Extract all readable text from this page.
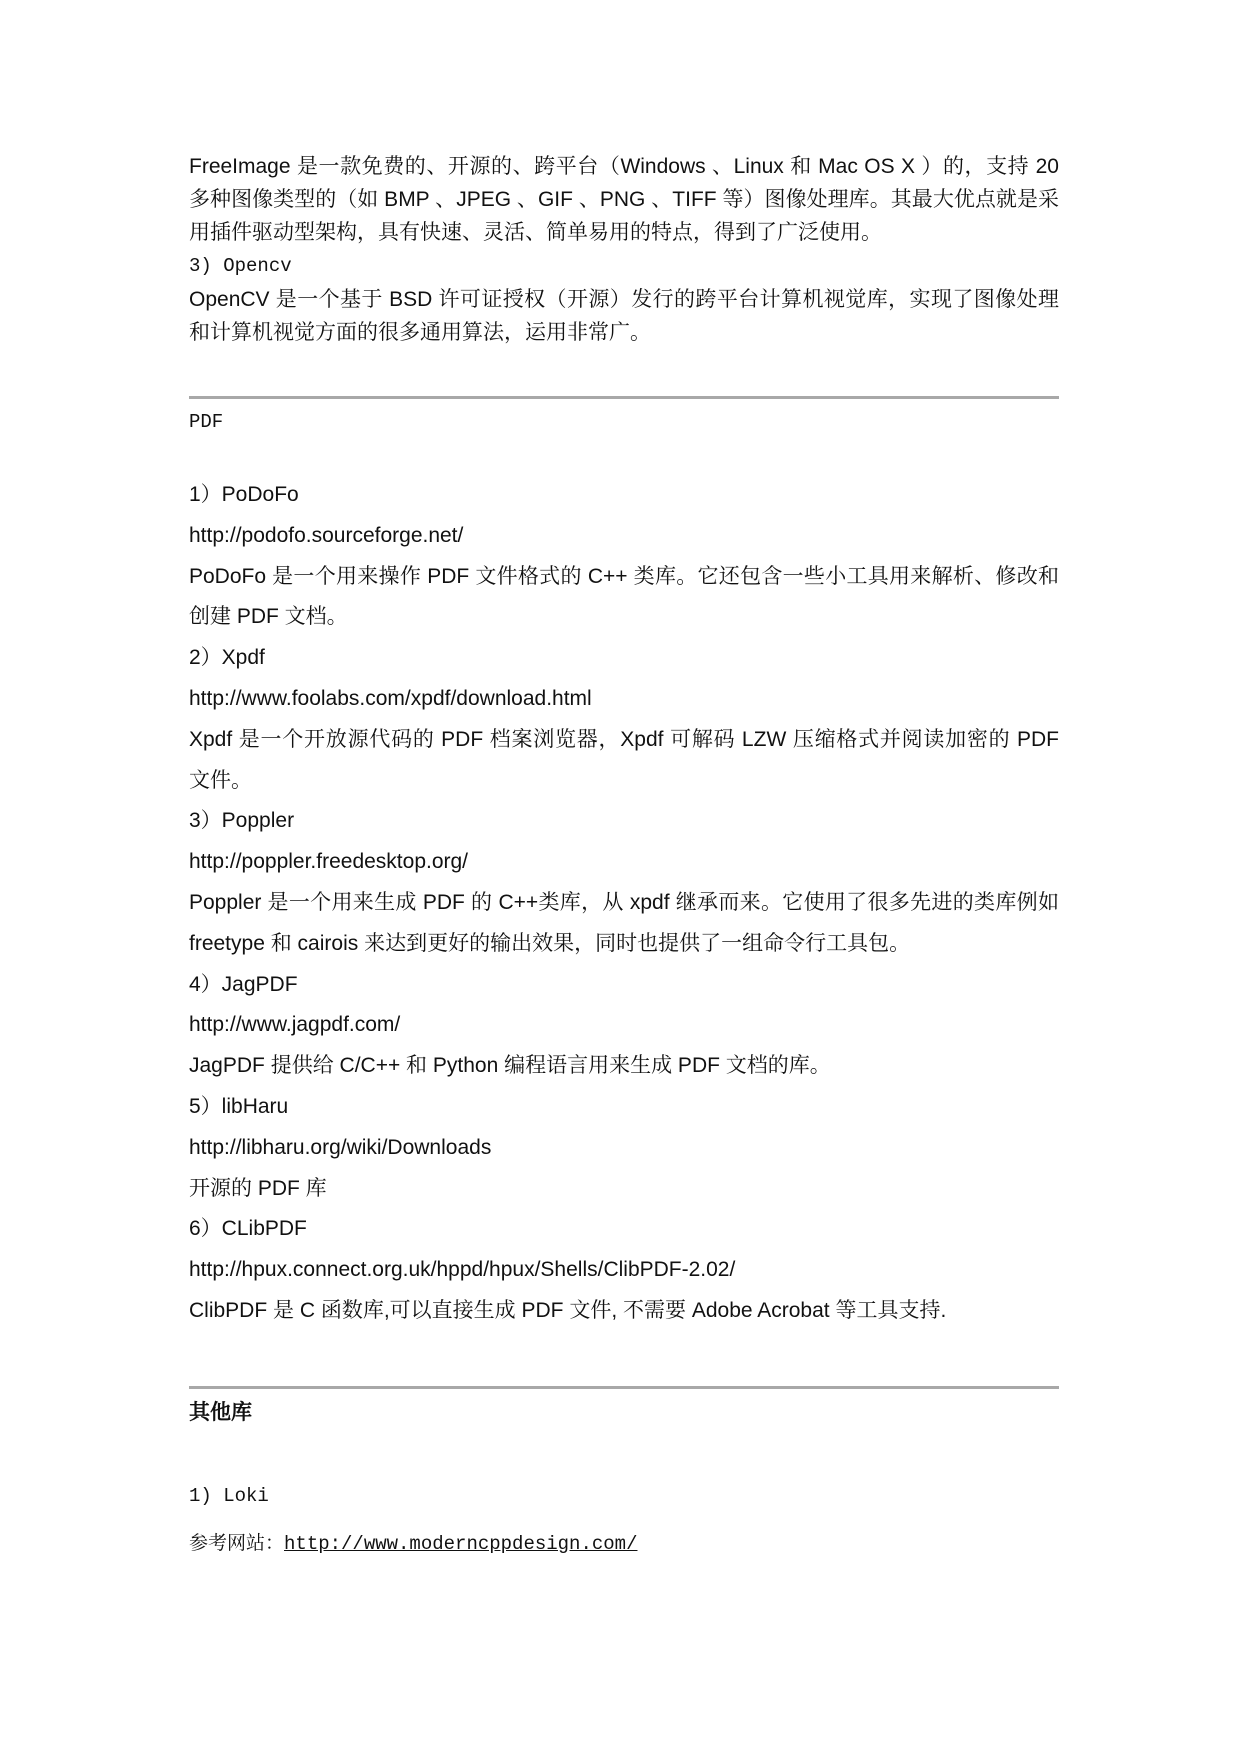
FreeImage 是一款免费的、开源的、跨平台（Windows 、Linux 和 Mac OS X ）的，支持 20 多种图像类型的（如 BMP 、JPEG 、GIF 、PNG 、TIFF 等）图像处理库。其最大优点就是采用插件驱动型架构，具有快速、灵活、简单易用的特点，得到了广泛使用。

3) Opencv

OpenCV 是一个基于 BSD 许可证授权（开源）发行的跨平台计算机视觉库，实现了图像处理和计算机视觉方面的很多通用算法，运用非常广。

PDF

1）PoDoFo

http://podofo.sourceforge.net/

PoDoFo 是一个用来操作 PDF 文件格式的 C++ 类库。它还包含一些小工具用来解析、修改和创建 PDF 文档。

2）Xpdf

http://www.foolabs.com/xpdf/download.html

Xpdf 是一个开放源代码的 PDF 档案浏览器，Xpdf 可解码 LZW 压缩格式并阅读加密的 PDF 文件。

3）Poppler

http://poppler.freedesktop.org/

Poppler 是一个用来生成 PDF 的 C++类库，从 xpdf 继承而来。它使用了很多先进的类库例如 freetype 和 cairois 来达到更好的输出效果，同时也提供了一组命令行工具包。

4）JagPDF

http://www.jagpdf.com/

JagPDF 提供给 C/C++ 和 Python 编程语言用来生成 PDF 文档的库。

5）libHaru

http://libharu.org/wiki/Downloads

开源的 PDF 库

6）CLibPDF

http://hpux.connect.org.uk/hppd/hpux/Shells/ClibPDF-2.02/

ClibPDF 是 C 函数库,可以直接生成 PDF 文件, 不需要 Adobe Acrobat 等工具支持.

其他库

1) Loki

参考网站：http://www.moderncppdesign.com/
